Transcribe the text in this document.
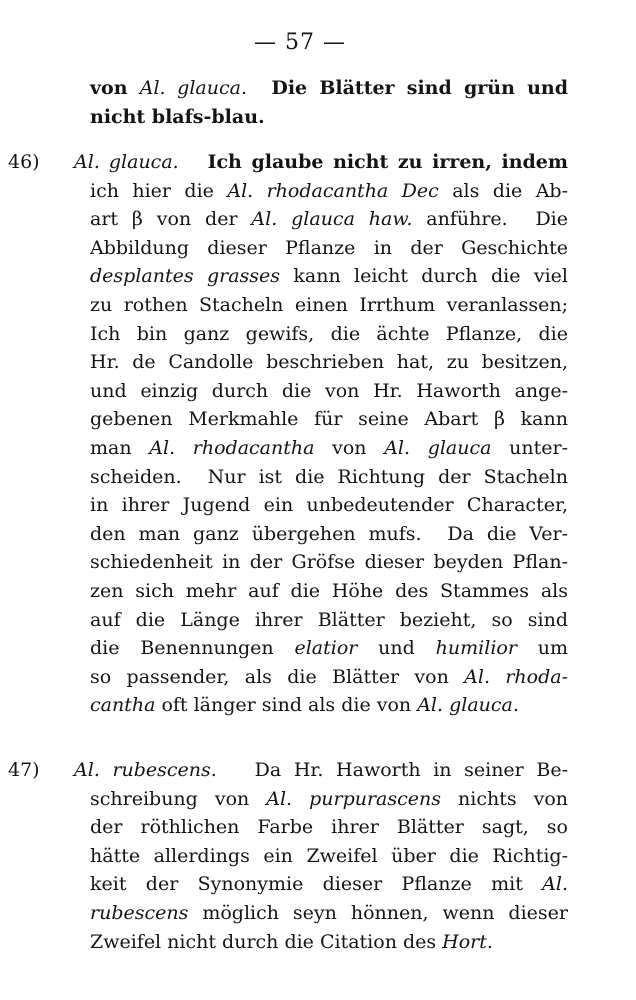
— 57 —
von Al. glauca.  Die Blätter sind grün und
nicht blafs-blau.
46) Al. glauca.   Ich glaube nicht zu irren, indem
ich hier die Al. rhodacantha Dec als die Ab-
art β von der Al. glauca haw. anführe.  Die
Abbildung dieser Pflanze in der Geschichte
desplantes grasses kann leicht durch die viel
zu rothen Stacheln einen Irrthum veranlassen;
Ich bin ganz gewifs, die ächte Pflanze, die
Hr. de Candolle beschrieben hat, zu besitzen,
und einzig durch die von Hr. Haworth ange-
gebenen Merkmahle für seine Abart β kann
man Al. rhodacantha von Al. glauca unter-
scheiden.  Nur ist die Richtung der Stacheln
in ihrer Jugend ein unbedeutender Character,
den man ganz übergehen mufs.  Da die Ver-
schiedenheit in der Gröfse dieser beyden Pflan-
zen sich mehr auf die Höhe des Stammes als
auf die Länge ihrer Blätter bezieht, so sind
die Benennungen elatior und humilior um
so passender, als die Blätter von Al. rhoda-
cantha oft länger sind als die von Al. glauca.
47) Al. rubescens.   Da Hr. Haworth in seiner Be-
schreibung von Al. purpurascens nichts von
der röthlichen Farbe ihrer Blätter sagt, so
hätte allerdings ein Zweifel über die Richtig-
keit der Synonymie dieser Pflanze mit Al.
rubescens möglich seyn hönnen, wenn dieser
Zweifel nicht durch die Citation des Hort.
